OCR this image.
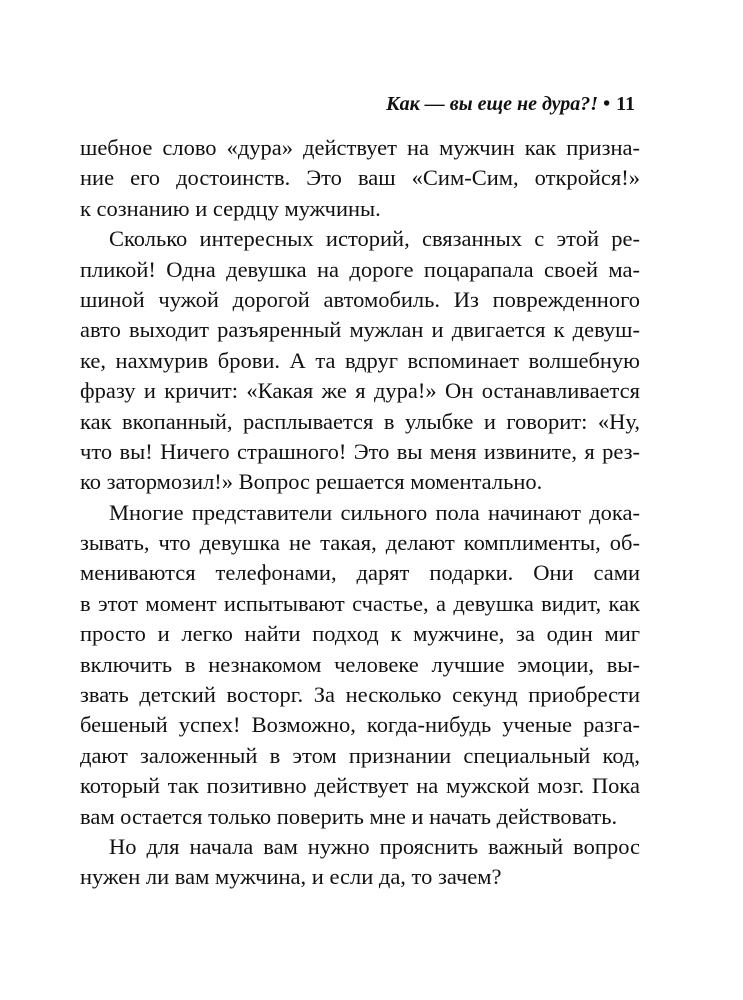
Как — вы еще не дура?! • 11
шебное слово «дура» действует на мужчин как призна-
ние его достоинств. Это ваш «Сим-Сим, откройся!»
к сознанию и сердцу мужчины.
Сколько интересных историй, связанных с этой ре-
пликой! Одна девушка на дороге поцарапала своей ма-
шиной чужой дорогой автомобиль. Из поврежденного
авто выходит разъяренный мужлан и двигается к девуш-
ке, нахмурив брови. А та вдруг вспоминает волшебную
фразу и кричит: «Какая же я дура!» Он останавливается
как вкопанный, расплывается в улыбке и говорит: «Ну,
что вы! Ничего страшного! Это вы меня извините, я рез-
ко затормозил!» Вопрос решается моментально.
Многие представители сильного пола начинают дока-
зывать, что девушка не такая, делают комплименты, об-
мениваются телефонами, дарят подарки. Они сами
в этот момент испытывают счастье, а девушка видит, как
просто и легко найти подход к мужчине, за один миг
включить в незнакомом человеке лучшие эмоции, вы-
звать детский восторг. За несколько секунд приобрести
бешеный успех! Возможно, когда-нибудь ученые разга-
дают заложенный в этом признании специальный код,
который так позитивно действует на мужской мозг. Пока
вам остается только поверить мне и начать действовать.
Но для начала вам нужно прояснить важный вопрос
нужен ли вам мужчина, и если да, то зачем?
